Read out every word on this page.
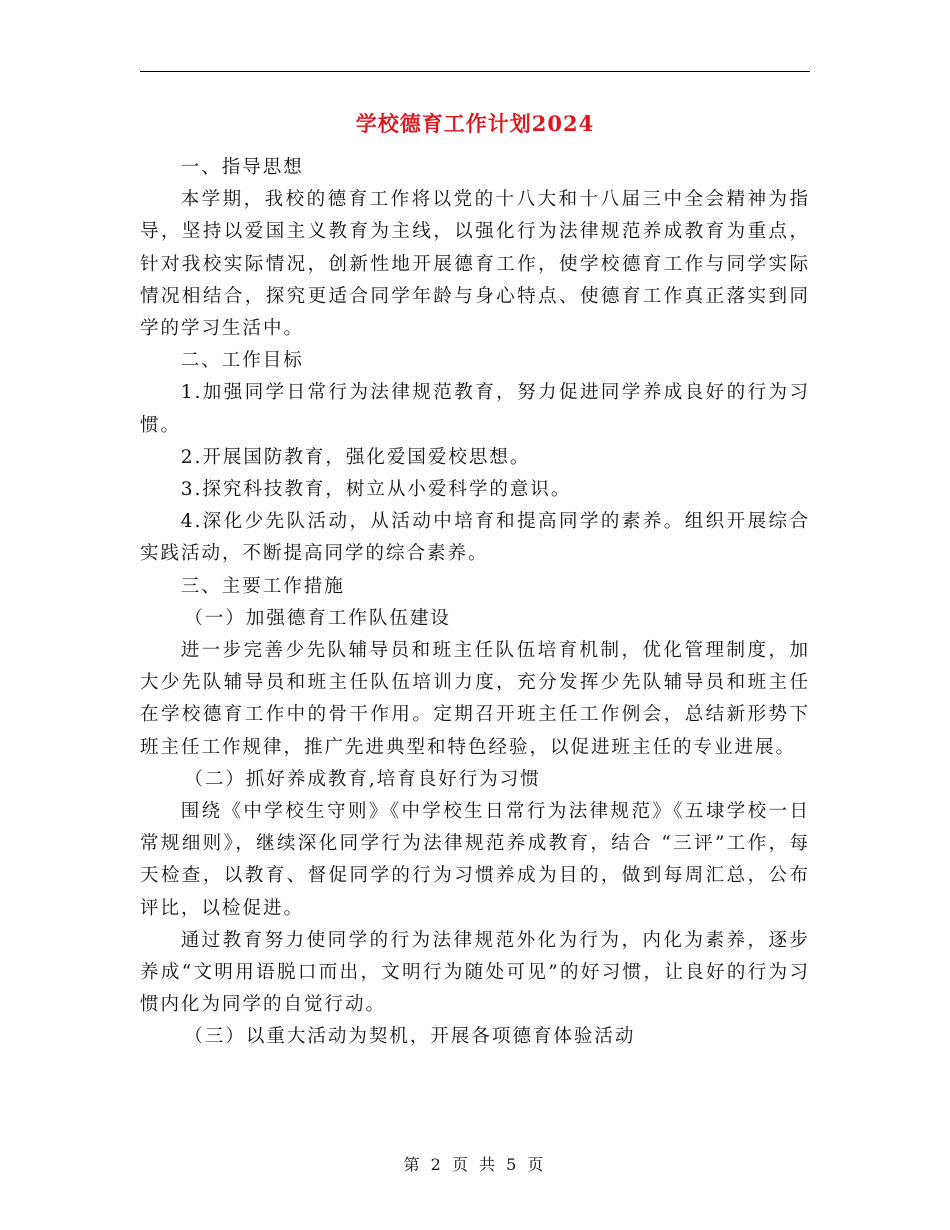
学校德育工作计划2024

一、指导思想

本学期，我校的德育工作将以党的十八大和十八届三中全会精神为指导，坚持以爱国主义教育为主线，以强化行为法律规范养成教育为重点，针对我校实际情况，创新性地开展德育工作，使学校德育工作与同学实际情况相结合，探究更适合同学年龄与身心特点、使德育工作真正落实到同学的学习生活中。

二、工作目标

1.加强同学日常行为法律规范教育，努力促进同学养成良好的行为习惯。

2.开展国防教育，强化爱国爱校思想。

3.探究科技教育，树立从小爱科学的意识。

4.深化少先队活动，从活动中培育和提高同学的素养。组织开展综合实践活动，不断提高同学的综合素养。

三、主要工作措施

（一）加强德育工作队伍建设

进一步完善少先队辅导员和班主任队伍培育机制，优化管理制度，加大少先队辅导员和班主任队伍培训力度，充分发挥少先队辅导员和班主任在学校德育工作中的骨干作用。定期召开班主任工作例会，总结新形势下班主任工作规律，推广先进典型和特色经验，以促进班主任的专业进展。

（二）抓好养成教育,培育良好行为习惯

围绕《中学校生守则》《中学校生日常行为法律规范》《五埭学校一日常规细则》，继续深化同学行为法律规范养成教育，结合 “三评”工作，每天检查，以教育、督促同学的行为习惯养成为目的，做到每周汇总，公布评比，以检促进。

通过教育努力使同学的行为法律规范外化为行为，内化为素养，逐步养成“文明用语脱口而出，文明行为随处可见”的好习惯，让良好的行为习惯内化为同学的自觉行动。

（三）以重大活动为契机，开展各项德育体验活动

第 2 页 共 5 页
